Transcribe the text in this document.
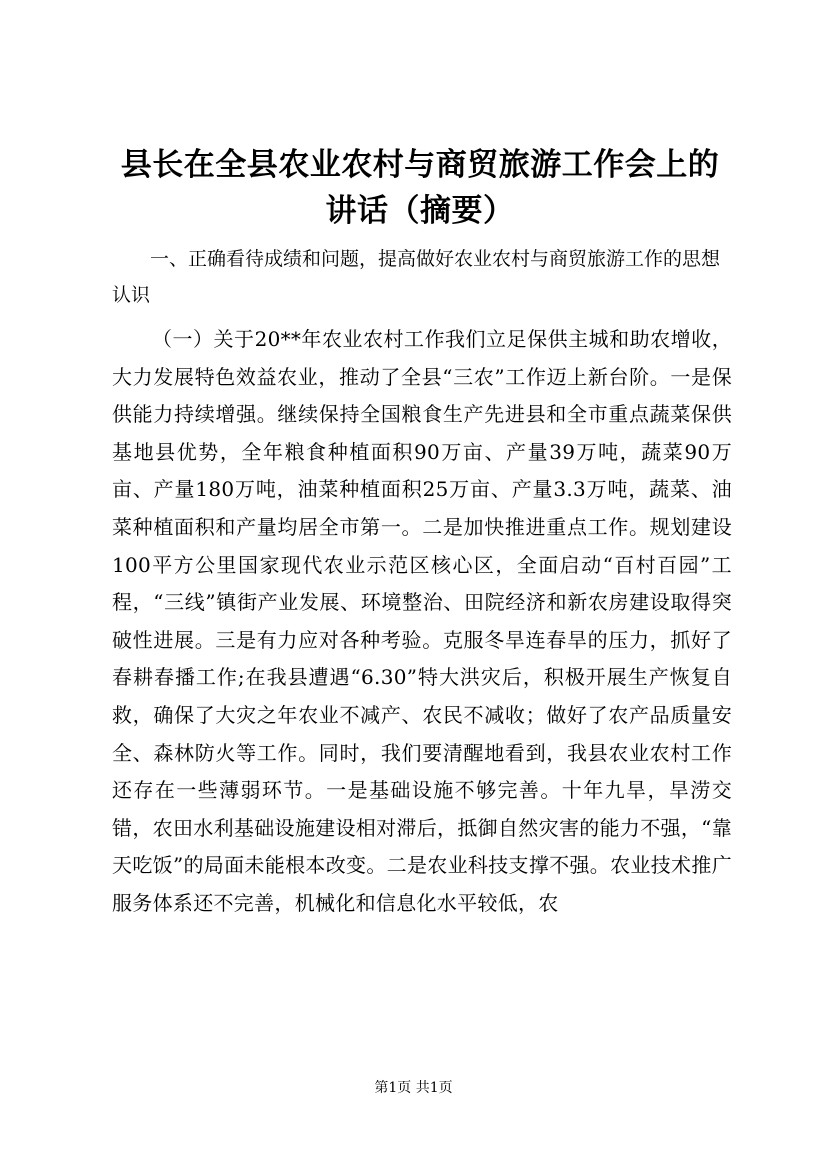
县长在全县农业农村与商贸旅游工作会上的讲话（摘要）

一、正确看待成绩和问题，提高做好农业农村与商贸旅游工作的思想认识

（一）关于20**年农业农村工作我们立足保供主城和助农增收，大力发展特色效益农业，推动了全县“三农”工作迈上新台阶。一是保供能力持续增强。继续保持全国粮食生产先进县和全市重点蔬菜保供基地县优势，全年粮食种植面积90万亩、产量39万吨，蔬菜90万亩、产量180万吨，油菜种植面积25万亩、产量3.3万吨，蔬菜、油菜种植面积和产量均居全市第一。二是加快推进重点工作。规划建设100平方公里国家现代农业示范区核心区，全面启动“百村百园”工程，“三线”镇街产业发展、环境整治、田院经济和新农房建设取得突破性进展。三是有力应对各种考验。克服冬旱连春旱的压力，抓好了春耕春播工作;在我县遭遇“6.30”特大洪灾后，积极开展生产恢复自救，确保了大灾之年农业不减产、农民不减收；做好了农产品质量安全、森林防火等工作。同时，我们要清醒地看到，我县农业农村工作还存在一些薄弱环节。一是基础设施不够完善。十年九旱，旱涝交错，农田水利基础设施建设相对滞后，抵御自然灾害的能力不强，“靠天吃饭”的局面未能根本改变。二是农业科技支撑不强。农业技术推广服务体系还不完善，机械化和信息化水平较低，农

第1页 共1页
